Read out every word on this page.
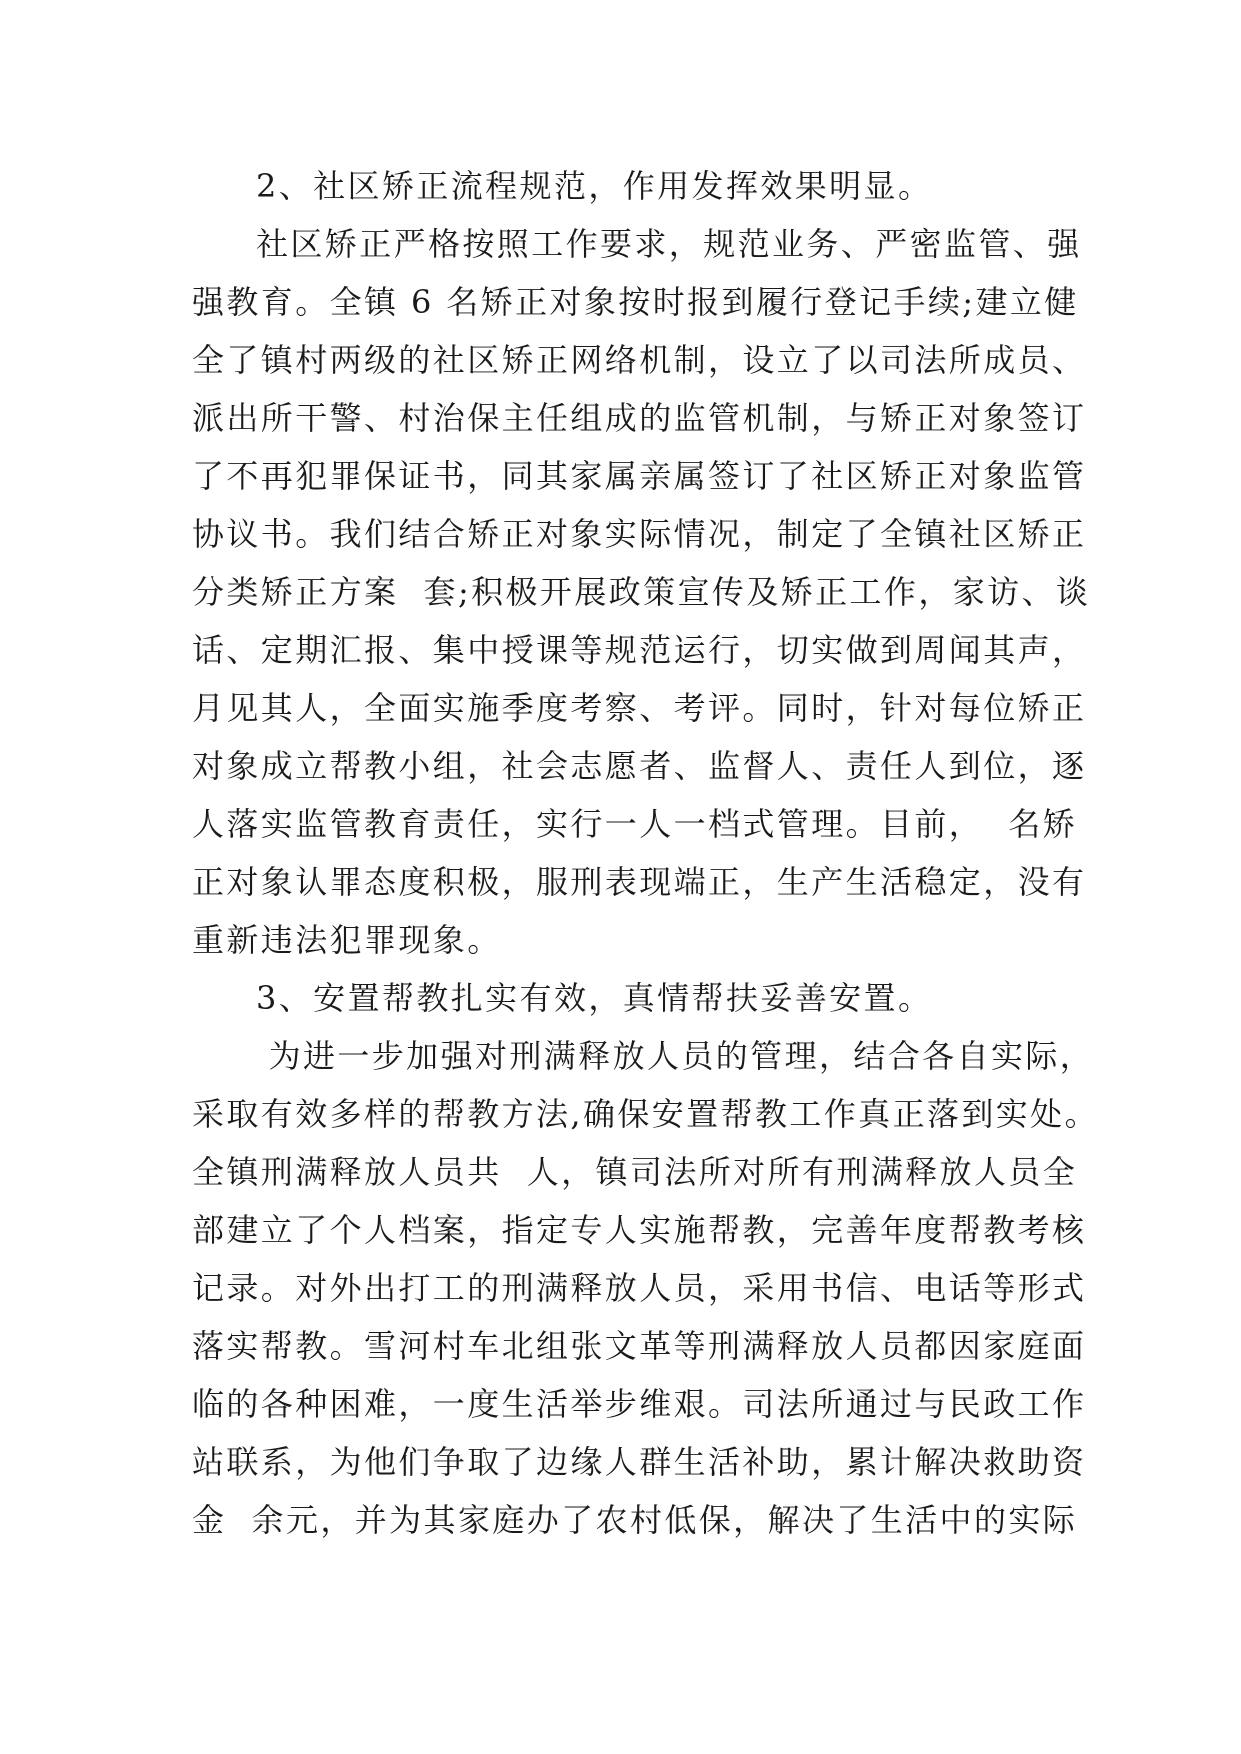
2、社区矫正流程规范，作用发挥效果明显。
社区矫正严格按照工作要求，规范业务、严密监管、强
强教育。全镇 6 名矫正对象按时报到履行登记手续;建立健
全了镇村两级的社区矫正网络机制，设立了以司法所成员、
派出所干警、村治保主任组成的监管机制，与矫正对象签订
了不再犯罪保证书，同其家属亲属签订了社区矫正对象监管
协议书。我们结合矫正对象实际情况，制定了全镇社区矫正
分类矫正方案  套;积极开展政策宣传及矫正工作，家访、谈
话、定期汇报、集中授课等规范运行，切实做到周闻其声，
月见其人，全面实施季度考察、考评。同时，针对每位矫正
对象成立帮教小组，社会志愿者、监督人、责任人到位，逐
人落实监管教育责任，实行一人一档式管理。目前，  名矫
正对象认罪态度积极，服刑表现端正，生产生活稳定，没有
重新违法犯罪现象。
3、安置帮教扎实有效，真情帮扶妥善安置。
为进一步加强对刑满释放人员的管理，结合各自实际，
采取有效多样的帮教方法,确保安置帮教工作真正落到实处。
全镇刑满释放人员共  人，镇司法所对所有刑满释放人员全
部建立了个人档案，指定专人实施帮教，完善年度帮教考核
记录。对外出打工的刑满释放人员，采用书信、电话等形式
落实帮教。雪河村车北组张文革等刑满释放人员都因家庭面
临的各种困难，一度生活举步维艰。司法所通过与民政工作
站联系，为他们争取了边缘人群生活补助，累计解决救助资
金  余元，并为其家庭办了农村低保，解决了生活中的实际
